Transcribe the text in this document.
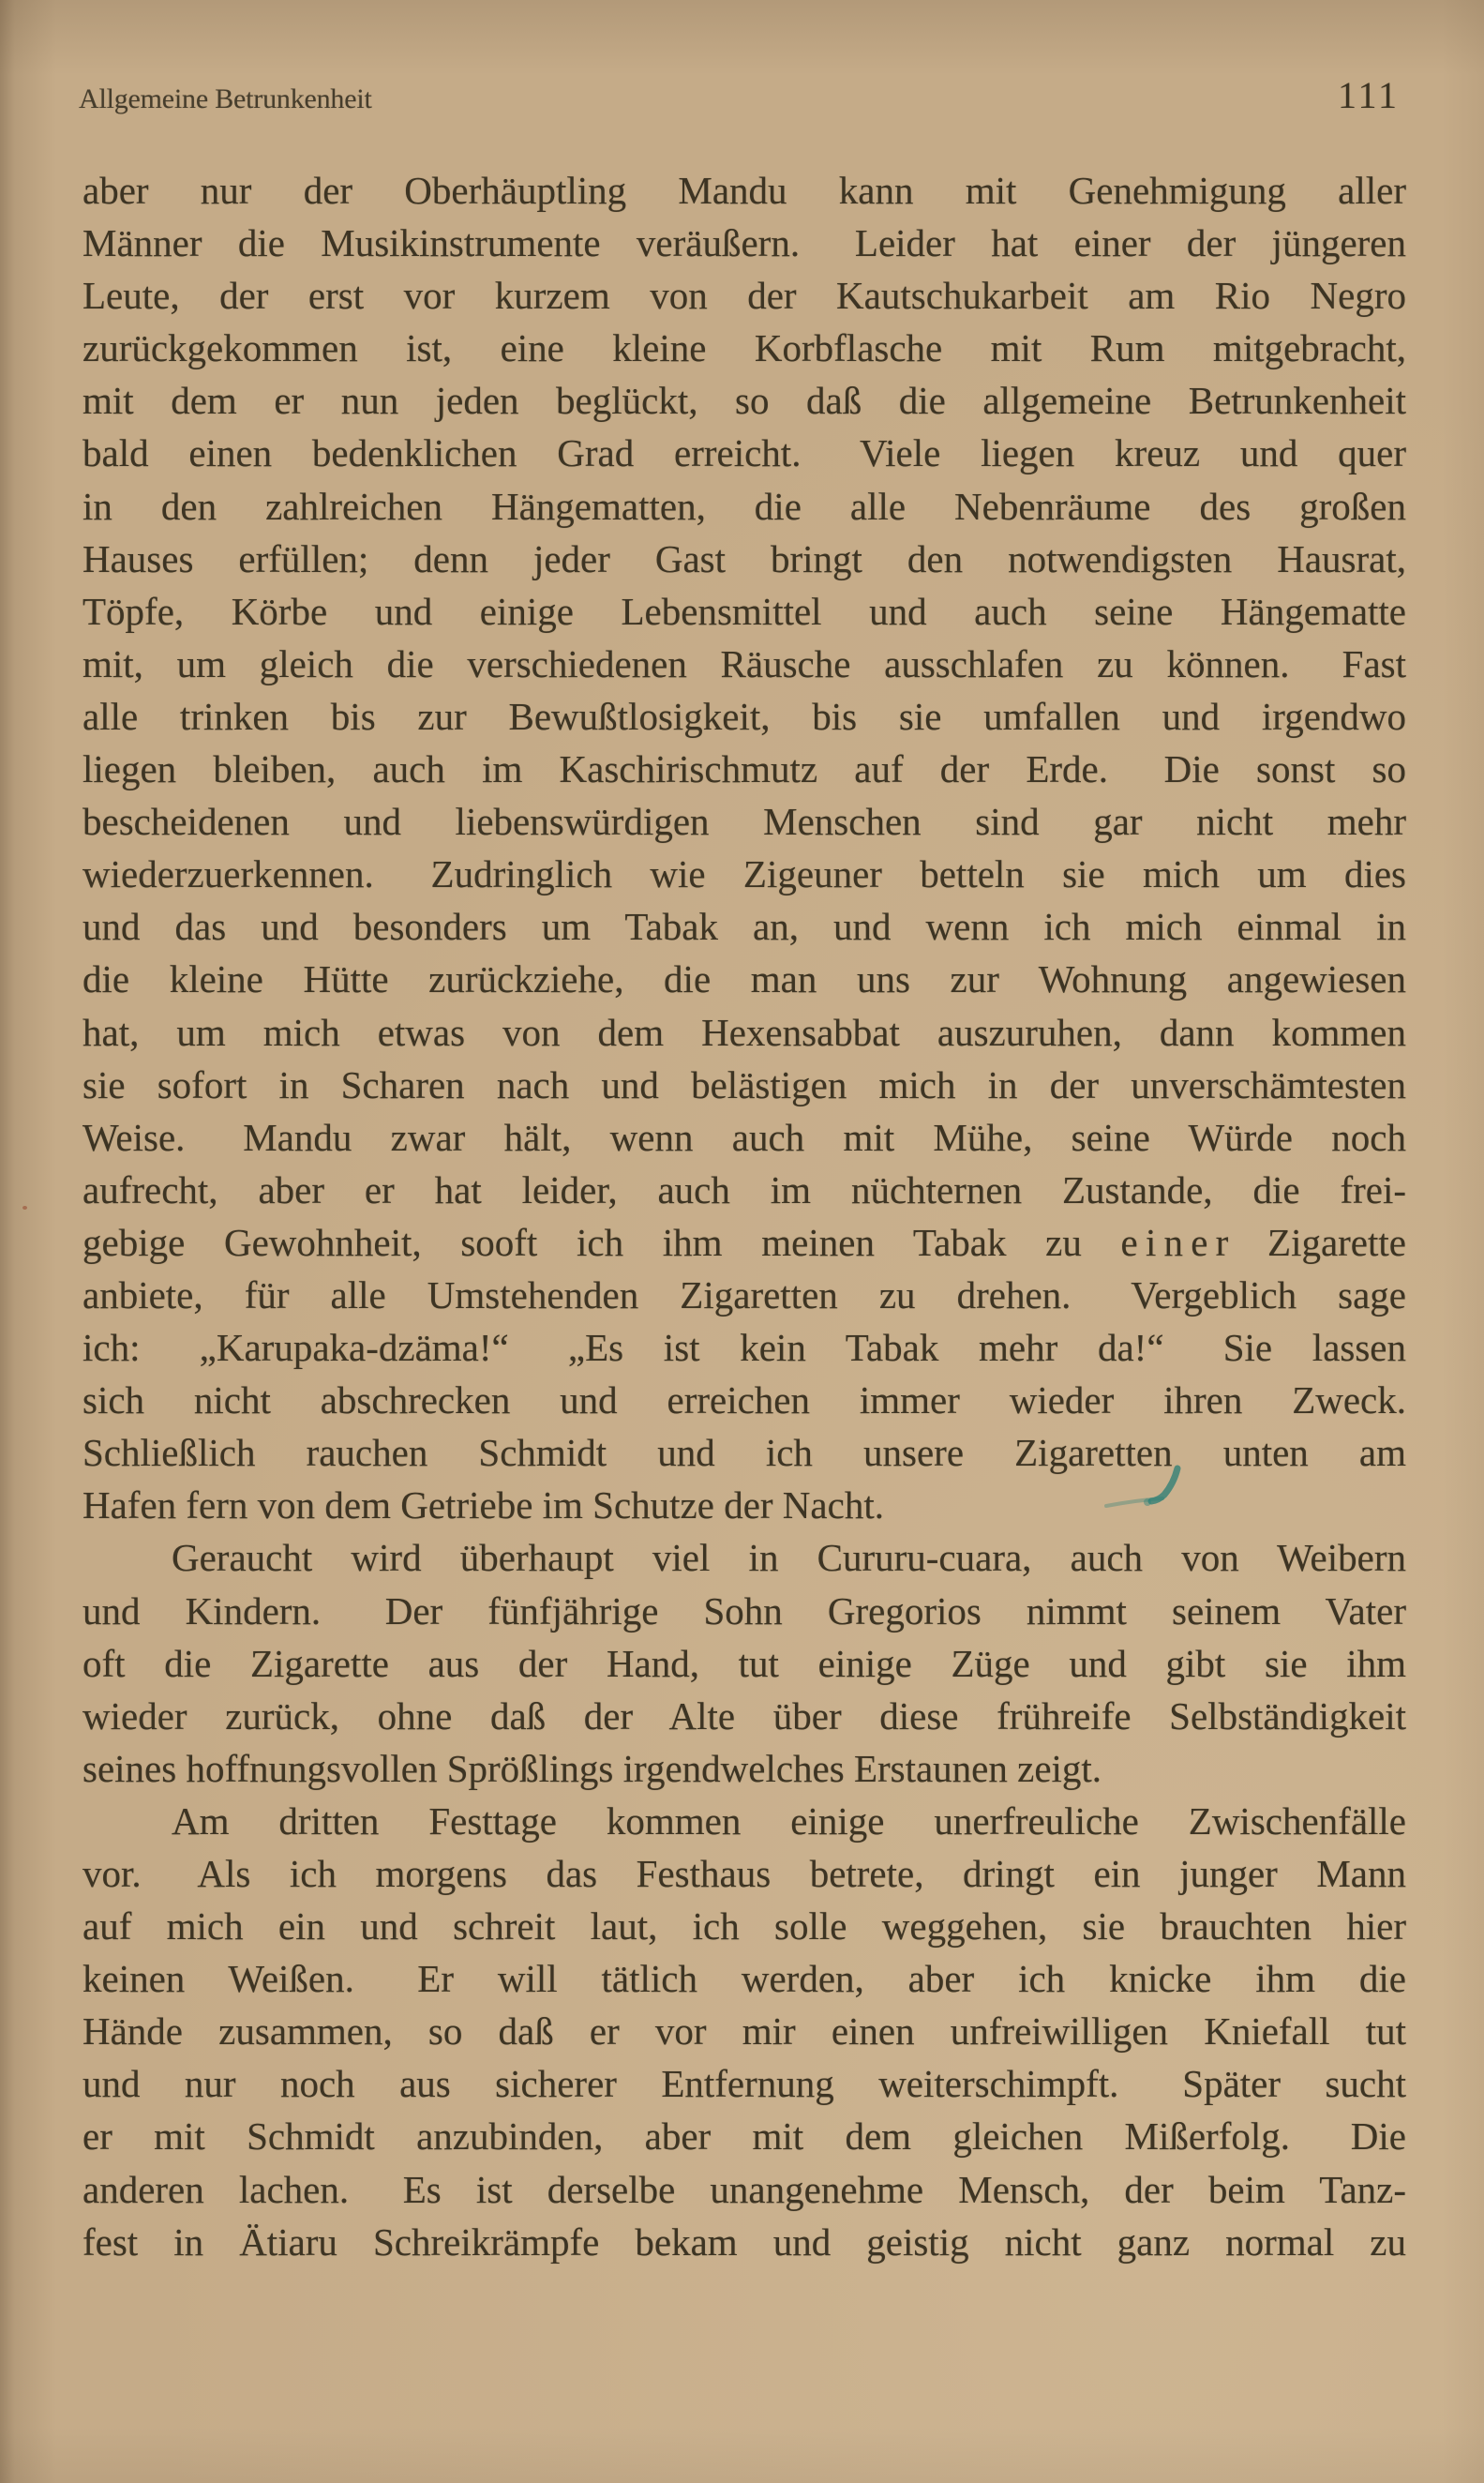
Allgemeine Betrunkenheit	111
aber nur der Oberhäuptling Mandu kann mit Genehmigung aller
Männer die Musikinstrumente veräußern.  Leider hat einer der jüngeren
Leute, der erst vor kurzem von der Kautschukarbeit am Rio Negro
zurückgekommen ist, eine kleine Korbflasche mit Rum mitgebracht,
mit dem er nun jeden beglückt, so daß die allgemeine Betrunkenheit
bald einen bedenklichen Grad erreicht.  Viele liegen kreuz und quer
in den zahlreichen Hängematten, die alle Nebenräume des großen
Hauses erfüllen; denn jeder Gast bringt den notwendigsten Hausrat,
Töpfe, Körbe und einige Lebensmittel und auch seine Hängematte
mit, um gleich die verschiedenen Räusche ausschlafen zu können.  Fast
alle trinken bis zur Bewußtlosigkeit, bis sie umfallen und irgendwo
liegen bleiben, auch im Kaschirischmutz auf der Erde.  Die sonst so
bescheidenen und liebenswürdigen Menschen sind gar nicht mehr
wiederzuerkennen.  Zudringlich wie Zigeuner betteln sie mich um dies
und das und besonders um Tabak an, und wenn ich mich einmal in
die kleine Hütte zurückziehe, die man uns zur Wohnung angewiesen
hat, um mich etwas von dem Hexensabbat auszuruhen, dann kommen
sie sofort in Scharen nach und belästigen mich in der unverschämtesten
Weise.  Mandu zwar hält, wenn auch mit Mühe, seine Würde noch
aufrecht, aber er hat leider, auch im nüchternen Zustande, die frei-
gebige Gewohnheit, sooft ich ihm meinen Tabak zu e i n e r Zigarette
anbiete, für alle Umstehenden Zigaretten zu drehen.  Vergeblich sage
ich:  „Karupaka-dzäma!“  „Es ist kein Tabak mehr da!“  Sie lassen
sich nicht abschrecken und erreichen immer wieder ihren Zweck.
Schließlich rauchen Schmidt und ich unsere Zigaretten unten am
Hafen fern von dem Getriebe im Schutze der Nacht.
Geraucht wird überhaupt viel in Cururu-cuara, auch von Weibern
und Kindern.  Der fünfjährige Sohn Gregorios nimmt seinem Vater
oft die Zigarette aus der Hand, tut einige Züge und gibt sie ihm
wieder zurück, ohne daß der Alte über diese frühreife Selbständigkeit
seines hoffnungsvollen Sprößlings irgendwelches Erstaunen zeigt.
Am dritten Festtage kommen einige unerfreuliche Zwischenfälle
vor.  Als ich morgens das Festhaus betrete, dringt ein junger Mann
auf mich ein und schreit laut, ich solle weggehen, sie brauchten hier
keinen Weißen.  Er will tätlich werden, aber ich knicke ihm die
Hände zusammen, so daß er vor mir einen unfreiwilligen Kniefall tut
und nur noch aus sicherer Entfernung weiterschimpft.  Später sucht
er mit Schmidt anzubinden, aber mit dem gleichen Mißerfolg.  Die
anderen lachen.  Es ist derselbe unangenehme Mensch, der beim Tanz-
fest in Ätiaru Schreikrämpfe bekam und geistig nicht ganz normal zu
